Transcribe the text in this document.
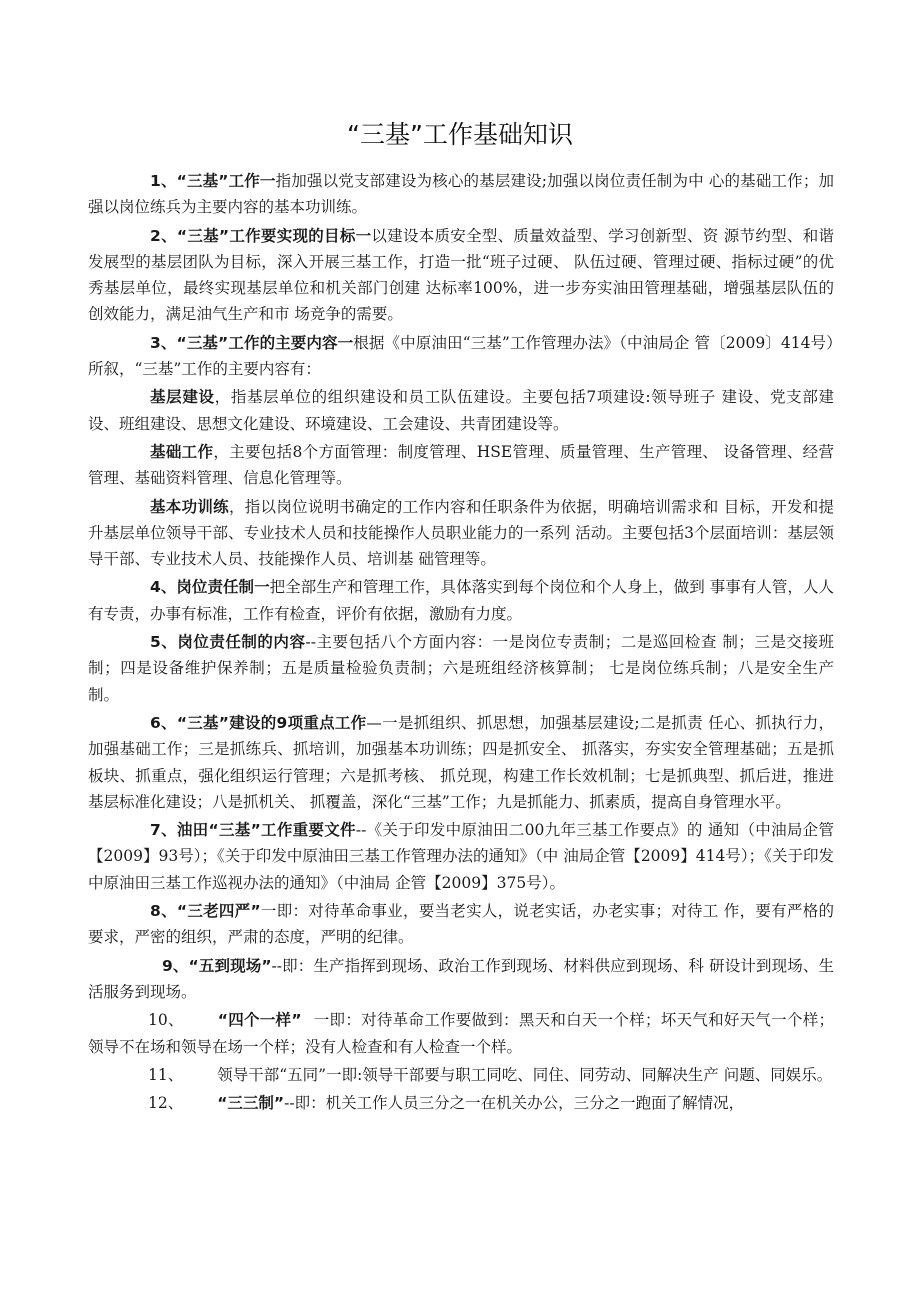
“三基”工作基础知识

1、“三基”工作一指加强以党支部建设为核心的基层建设;加强以岗位责任制为中 心的基础工作；加强以岗位练兵为主要内容的基本功训练。

2、“三基”工作要实现的目标一以建设本质安全型、质量效益型、学习创新型、资 源节约型、和谐发展型的基层团队为目标，深入开展三基工作，打造一批“班子过硬、 队伍过硬、管理过硬、指标过硬”的优秀基层单位，最终实现基层单位和机关部门创建 达标率100%，进一步夯实油田管理基础，增强基层队伍的创效能力，满足油气生产和市 场竞争的需要。

3、“三基”工作的主要内容一根据《中原油田“三基”工作管理办法》（中油局企 管〔2009〕414号）所叙，“三基”工作的主要内容有：

基层建设，指基层单位的组织建设和员工队伍建设。主要包括7项建设:领导班子 建设、党支部建设、班组建设、思想文化建设、环境建设、工会建设、共青团建设等。

基础工作，主要包括8个方面管理：制度管理、HSE管理、质量管理、生产管理、 设备管理、经营管理、基础资料管理、信息化管理等。

基本功训练，指以岗位说明书确定的工作内容和任职条件为依据，明确培训需求和 目标，开发和提升基层单位领导干部、专业技术人员和技能操作人员职业能力的一系列 活动。主要包括3个层面培训：基层领导干部、专业技术人员、技能操作人员、培训基 础管理等。

4、岗位责任制一把全部生产和管理工作，具体落实到每个岗位和个人身上，做到 事事有人管，人人有专责，办事有标准，工作有检查，评价有依据，激励有力度。

5、岗位责任制的内容--主要包括八个方面内容：一是岗位专责制；二是巡回检查 制；三是交接班制；四是设备维护保养制；五是质量检验负责制；六是班组经济核算制； 七是岗位练兵制；八是安全生产制。

6、“三基”建设的9项重点工作—一是抓组织、抓思想，加强基层建设;二是抓责 任心、抓执行力，加强基础工作；三是抓练兵、抓培训，加强基本功训练；四是抓安全、 抓落实，夯实安全管理基础；五是抓板块、抓重点，强化组织运行管理；六是抓考核、 抓兑现，构建工作长效机制；七是抓典型、抓后进，推进基层标准化建设；八是抓机关、 抓覆盖，深化“三基”工作；九是抓能力、抓素质，提高自身管理水平。

7、油田“三基”工作重要文件--《关于印发中原油田二00九年三基工作要点》的 通知（中油局企管【2009】93号）；《关于印发中原油田三基工作管理办法的通知》（中 油局企管【2009】414号）；《关于印发中原油田三基工作巡视办法的通知》（中油局 企管【2009】375号）。

8、“三老四严”一即：对待革命事业，要当老实人，说老实话，办老实事；对待工 作，要有严格的要求，严密的组织，严肃的态度，严明的纪律。

9、“五到现场”--即：生产指挥到现场、政治工作到现场、材料供应到现场、科 研设计到现场、生活服务到现场。

10、 “四个一样” 一即：对待革命工作要做到：黑天和白天一个样；坏天气和好天气一个样；领导不在场和领导在场一个样；没有人检查和有人检查一个样。

11、 领导干部“五同”一即:领导干部要与职工同吃、同住、同劳动、同解决生产 问题、同娱乐。

12、 “三三制”--即：机关工作人员三分之一在机关办公，三分之一跑面了解情况，
